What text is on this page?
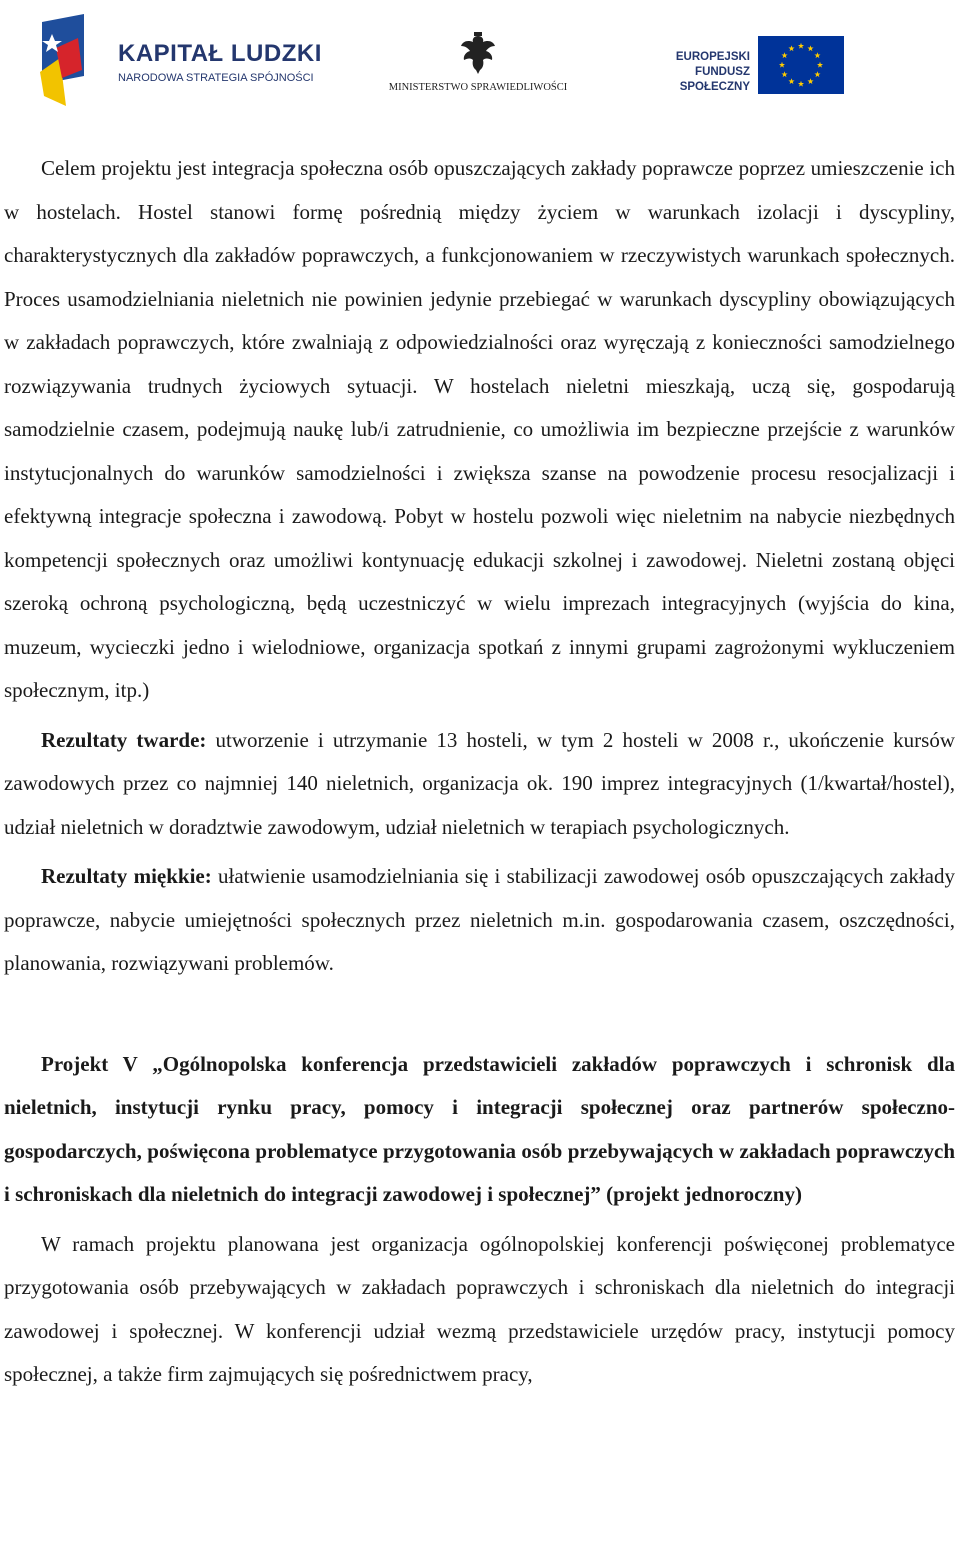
KAPITAŁ LUDZKI
NARODOWA STRATEGIA SPÓJNOŚCI
MINISTERSTWO SPRAWIEDLIWOŚCI
EUROPEJSKI
FUNDUSZ SPOŁECZNY

Celem projektu jest integracja społeczna osób opuszczających zakłady poprawcze poprzez umieszczenie ich w hostelach. Hostel stanowi formę pośrednią między życiem w warunkach izolacji i dyscypliny, charakterystycznych dla zakładów poprawczych, a funkcjonowaniem w rzeczywistych warunkach społecznych. Proces usamodzielniania nieletnich nie powinien jedynie przebiegać w warunkach dyscypliny obowiązujących w zakładach poprawczych, które zwalniają z odpowiedzialności oraz wyręczają z konieczności samodzielnego rozwiązywania trudnych życiowych sytuacji. W hostelach nieletni mieszkają, uczą się, gospodarują samodzielnie czasem, podejmują naukę lub/i zatrudnienie, co umożliwia im bezpieczne przejście z warunków instytucjonalnych do warunków samodzielności i zwiększa szanse na powodzenie procesu resocjalizacji i efektywną integracje społeczna i zawodową. Pobyt w hostelu pozwoli więc nieletnim na nabycie niezbędnych kompetencji społecznych oraz umożliwi kontynuację edukacji szkolnej i zawodowej. Nieletni zostaną objęci szeroką ochroną psychologiczną, będą uczestniczyć w wielu imprezach integracyjnych (wyjścia do kina, muzeum, wycieczki jedno i wielodniowe, organizacja spotkań z innymi grupami zagrożonymi wykluczeniem społecznym, itp.)

Rezultaty twarde: utworzenie i utrzymanie 13 hosteli, w tym 2 hosteli w 2008 r., ukończenie kursów zawodowych przez co najmniej 140 nieletnich, organizacja ok. 190 imprez integracyjnych (1/kwartał/hostel), udział nieletnich w doradztwie zawodowym, udział nieletnich w terapiach psychologicznych.

Rezultaty miękkie: ułatwienie usamodzielniania się i stabilizacji zawodowej osób opuszczających zakłady poprawcze, nabycie umiejętności społecznych przez nieletnich m.in. gospodarowania czasem, oszczędności, planowania, rozwiązywani problemów.

Projekt V „Ogólnopolska konferencja przedstawicieli zakładów poprawczych i schronisk dla nieletnich, instytucji rynku pracy, pomocy i integracji społecznej oraz partnerów społeczno-gospodarczych, poświęcona problematyce przygotowania osób przebywających w zakładach poprawczych i schroniskach dla nieletnich do integracji zawodowej i społecznej” (projekt jednoroczny)

W ramach projektu planowana jest organizacja ogólnopolskiej konferencji poświęconej problematyce przygotowania osób przebywających w zakładach poprawczych i schroniskach dla nieletnich do integracji zawodowej i społecznej. W konferencji udział wezmą przedstawiciele urzędów pracy, instytucji pomocy społecznej, a także firm zajmujących się pośrednictwem pracy,
